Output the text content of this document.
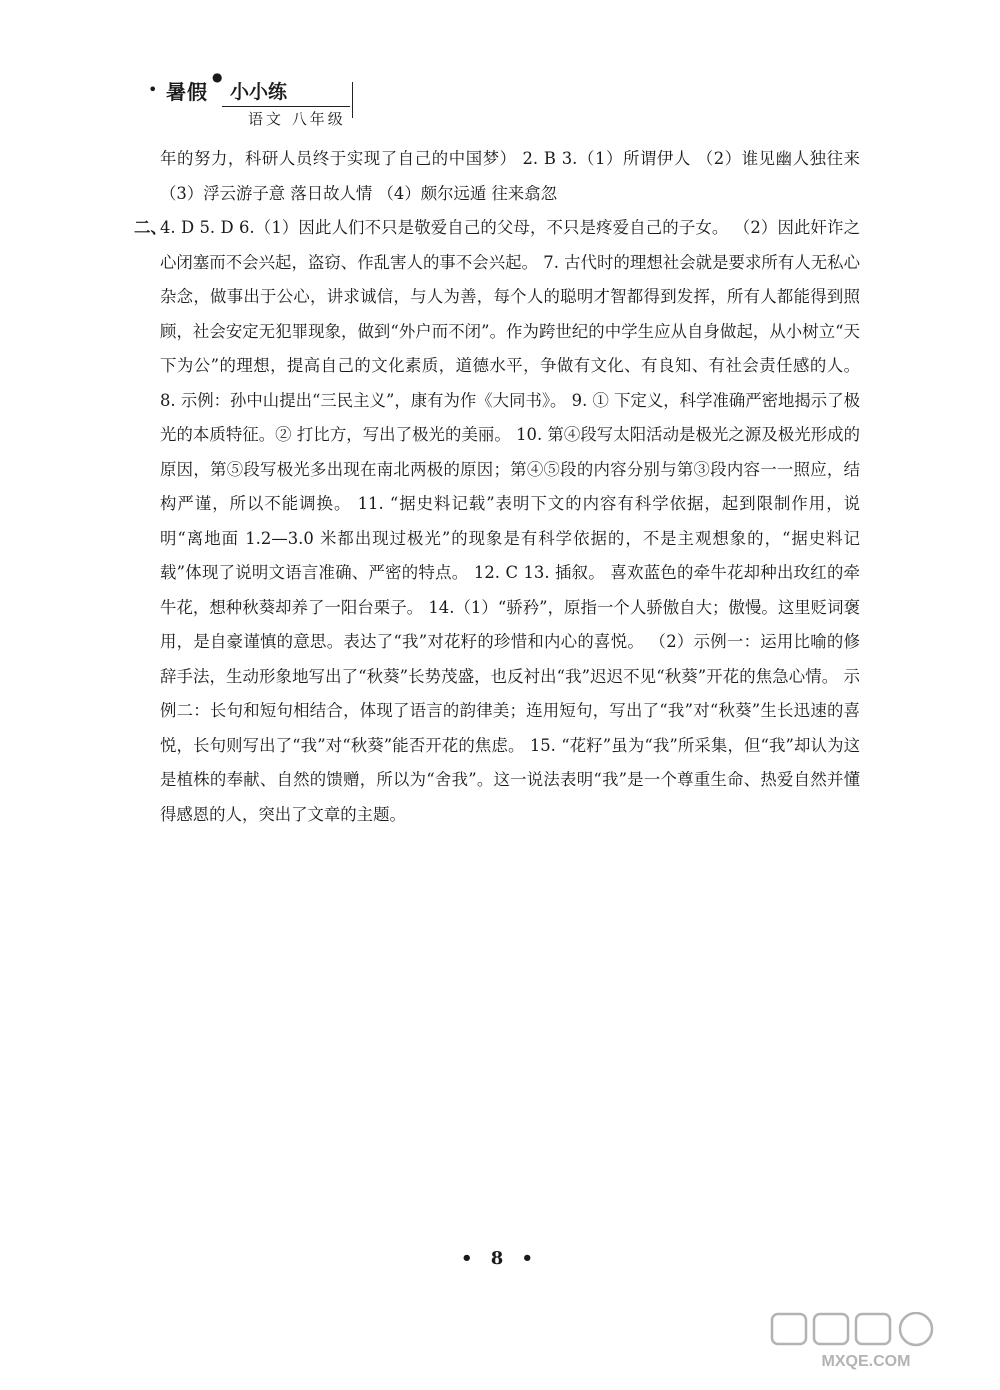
• 暑假
●
小小练
语文 八年级

年的努力，科研人员终于实现了自己的中国梦） 2. B 3.（1）所谓伊人 （2）谁见幽人独往来 （3）浮云游子意 落日故人情 （4）颇尔远遁 往来翕忽

二、

4. D 5. D 6.（1）因此人们不只是敬爱自己的父母，不只是疼爱自己的子女。 （2）因此奸诈之心闭塞而不会兴起，盗窃、作乱害人的事不会兴起。 7. 古代时的理想社会就是要求所有人无私心杂念，做事出于公心，讲求诚信，与人为善，每个人的聪明才智都得到发挥，所有人都能得到照顾，社会安定无犯罪现象，做到“外户而不闭”。作为跨世纪的中学生应从自身做起，从小树立“天下为公”的理想，提高自己的文化素质，道德水平，争做有文化、有良知、有社会责任感的人。 8. 示例：孙中山提出“三民主义”，康有为作《大同书》。 9. ① 下定义，科学准确严密地揭示了极光的本质特征。② 打比方，写出了极光的美丽。 10. 第④段写太阳活动是极光之源及极光形成的原因，第⑤段写极光多出现在南北两极的原因；第④⑤段的内容分别与第③段内容一一照应，结构严谨，所以不能调换。 11. “据史料记载”表明下文的内容有科学依据，起到限制作用，说明“离地面 1.2—3.0 米都出现过极光”的现象是有科学依据的，不是主观想象的，“据史料记载”体现了说明文语言准确、严密的特点。 12. C 13. 插叙。 喜欢蓝色的牵牛花却种出玫红的牵牛花，想种秋葵却养了一阳台栗子。 14.（1）“骄矜”，原指一个人骄傲自大；傲慢。这里贬词褒用，是自豪谨慎的意思。表达了“我”对花籽的珍惜和内心的喜悦。 （2）示例一：运用比喻的修辞手法，生动形象地写出了“秋葵”长势茂盛，也反衬出“我”迟迟不见“秋葵”开花的焦急心情。 示例二：长句和短句相结合，体现了语言的韵律美；连用短句，写出了“我”对“秋葵”生长迅速的喜悦，长句则写出了“我”对“秋葵”能否开花的焦虑。 15. “花籽”虽为“我”所采集，但“我”却认为这是植株的奉献、自然的馈赠，所以为“舍我”。这一说法表明“我”是一个尊重生命、热爱自然并懂得感恩的人，突出了文章的主题。

• 8 •
MXQE.COM
